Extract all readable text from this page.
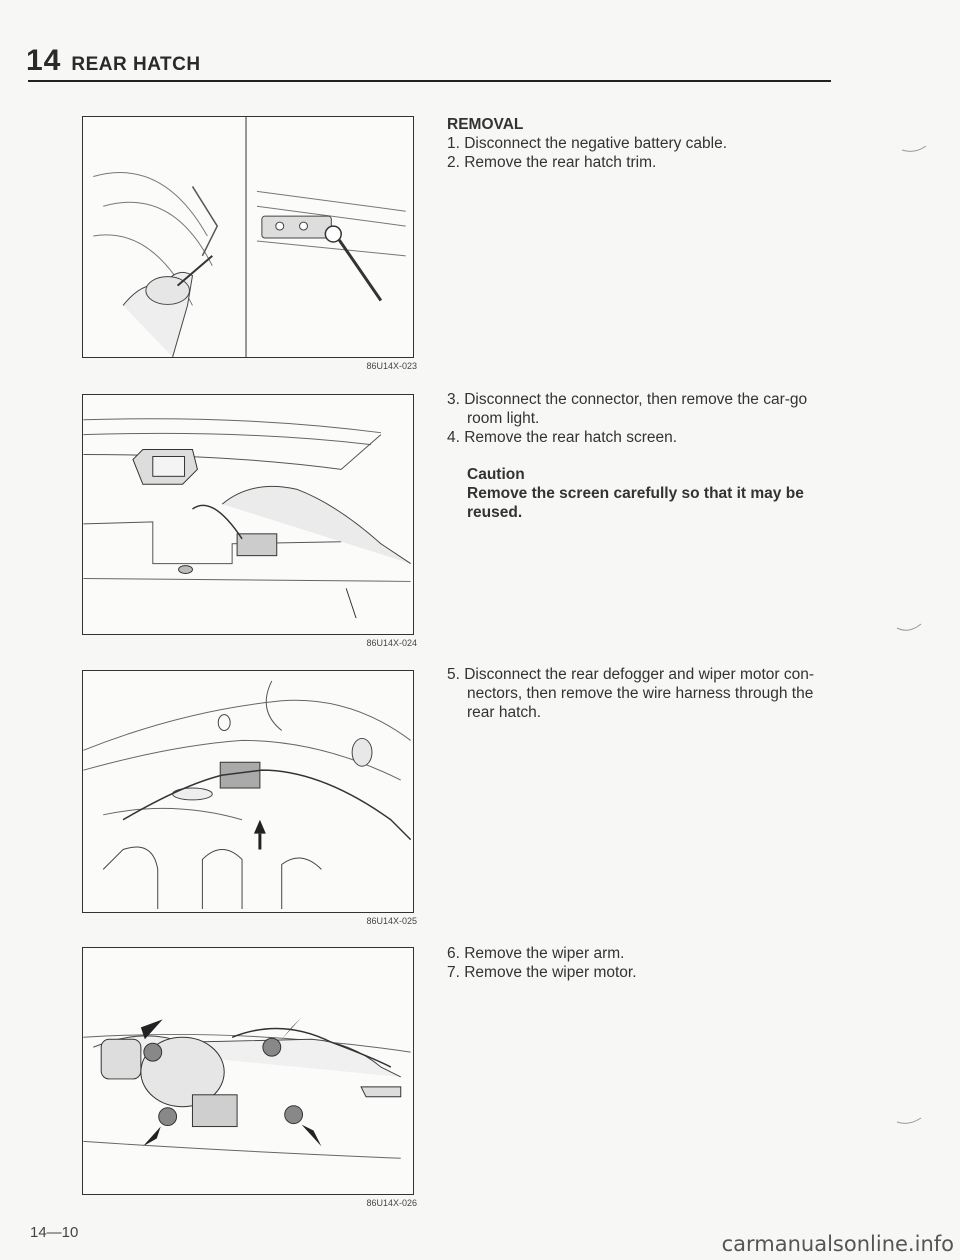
14 REAR HATCH
86U14X-023
86U14X-024
86U14X-025
86U14X-026

REMOVAL

1. Disconnect the negative battery cable.

2. Remove the rear hatch trim.

3. Disconnect the connector, then remove the car-go room light.

4. Remove the rear hatch screen.

Caution

Remove the screen carefully so that it may be reused.

5. Disconnect the rear defogger and wiper motor con-nectors, then remove the wire harness through the rear hatch.

6. Remove the wiper arm.

7. Remove the wiper motor.

14—10	carmanualsonline.info
